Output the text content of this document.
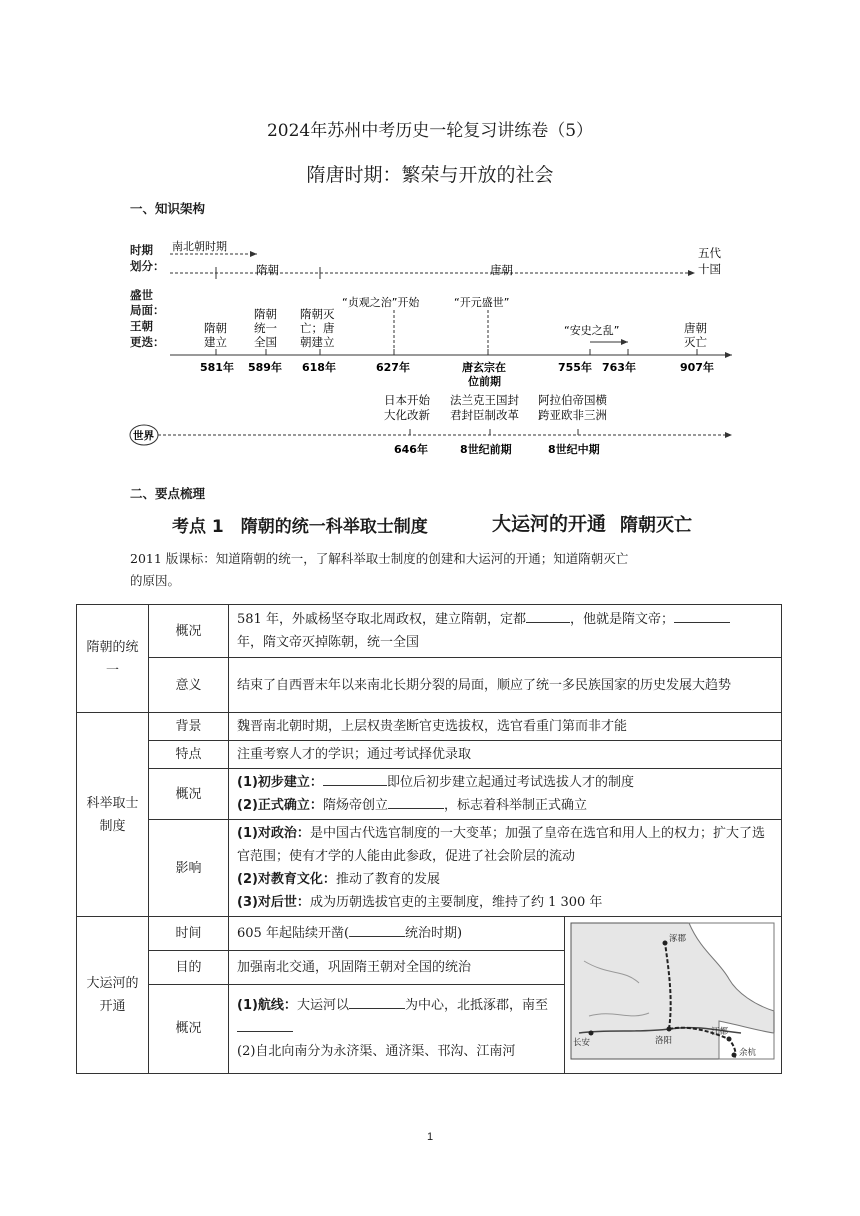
2024年苏州中考历史一轮复习讲练卷（5）
隋唐时期：繁荣与开放的社会
一、知识架构
时期
划分：
盛世
局面：
王朝
更迭：
南北朝时期
隋朝	唐朝
五代
十国
“贞观之治”开始	“开元盛世”
“安史之乱”
隋朝
建立
隋朝
统一
全国
隋朝灭
亡；唐
朝建立
唐朝
灭亡
581年 589年 618年	627年	唐玄宗在
位前期
755年 763年	907年
日本开始
大化改新
法兰克王国封
君封臣制改革
阿拉伯帝国横
跨亚欧非三洲
世界
646年	8世纪前期	8世纪中期
二、要点梳理
考点 1　隋朝的统一科举取士制度	大运河的开通 隋朝灭亡
2011 版课标：知道隋朝的统一，了解科举取士制度的创建和大运河的开通；知道隋朝灭亡
的原因。
隋朝的统一	概况	581 年，外戚杨坚夺取北周政权，建立隋朝，定都 ，他就是隋文帝；
年，隋文帝灭掉陈朝，统一全国	
	意义	结束了自西晋末年以来南北长期分裂的局面，顺应了统一多民族国家的历史发展大趋势	
科举取士制度	背景	魏晋南北朝时期，上层权贵垄断官吏选拔权，选官看重门第而非才能	
	特点	注重考察人才的学识；通过考试择优录取	
	概况	(1)初步建立： 即位后初步建立起通过考试选拔人才的制度
(2)正式确立：隋炀帝创立 ，标志着科举制正式确立	
	影响	(1)对政治：是中国古代选官制度的一大变革；加强了皇帝在选官和用人上的权力；扩大了选官范围；使有才学的人能由此参政，促进了社会阶层的流动
(2)对教育文化：推动了教育的发展
(3)对后世：成为历朝选拔官吏的主要制度，维持了约 1 300 年	
大运河的开通	时间	605 年起陆续开凿( 统治时期)	涿郡
洛阳
长安
江都
余杭

	目的	加强南北交通，巩固隋王朝对全国的统治	
	概况	(1)航线：大运河以 为中心，北抵涿郡，南至
(2)自北向南分为永济渠、通济渠、邗沟、江南河	
1
